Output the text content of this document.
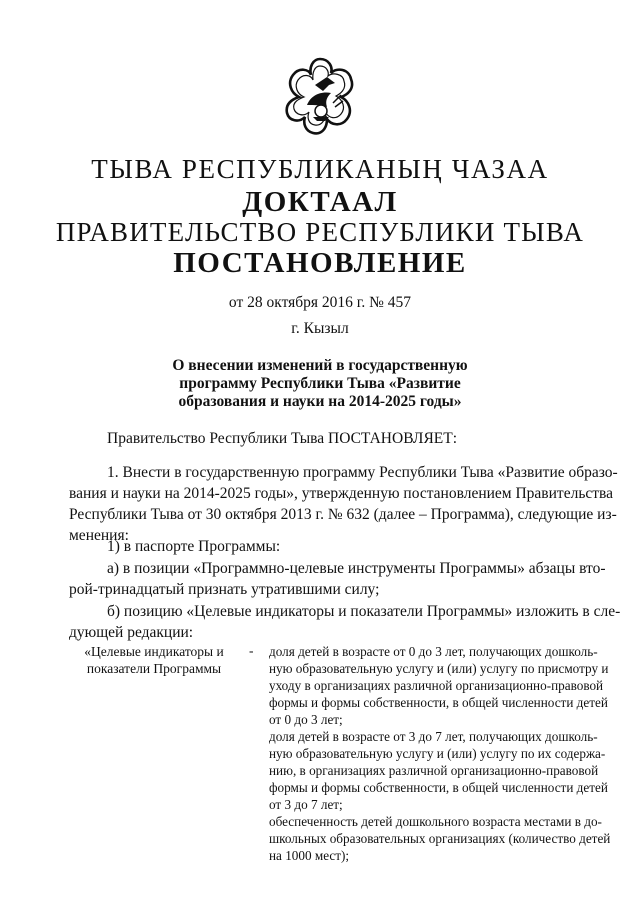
ТЫВА РЕСПУБЛИКАНЫҢ ЧАЗАА
ДОКТААЛ
ПРАВИТЕЛЬСТВО РЕСПУБЛИКИ ТЫВА
ПОСТАНОВЛЕНИЕ
от 28 октября 2016 г. № 457
г. Кызыл
О внесении изменений в государственную
программу Республики Тыва «Развитие
образования и науки на 2014-2025 годы»
Правительство Республики Тыва ПОСТАНОВЛЯЕТ:
1. Внести в государственную программу Республики Тыва «Развитие образо-
вания и науки на 2014-2025 годы», утвержденную постановлением Правительства
Республики Тыва от 30 октября 2013 г. № 632 (далее – Программа), следующие из-
менения:
1) в паспорте Программы:
а) в позиции «Программно-целевые инструменты Программы» абзацы вто-
рой-тринадцатый признать утратившими силу;
б) позицию «Целевые индикаторы и показатели Программы» изложить в сле-
дующей редакции:
«Целевые индикаторы и
показатели Программы
- доля детей в возрасте от 0 до 3 лет, получающих дошколь-
ную образовательную услугу и (или) услугу по присмотру и
уходу в организациях различной организационно-правовой
формы и формы собственности, в общей численности детей
от 0 до 3 лет;
доля детей в возрасте от 3 до 7 лет, получающих дошколь-
ную образовательную услугу и (или) услугу по их содержа-
нию, в организациях различной организационно-правовой
формы и формы собственности, в общей численности детей
от 3 до 7 лет;
обеспеченность детей дошкольного возраста местами в до-
школьных образовательных организациях (количество детей
на 1000 мест);
